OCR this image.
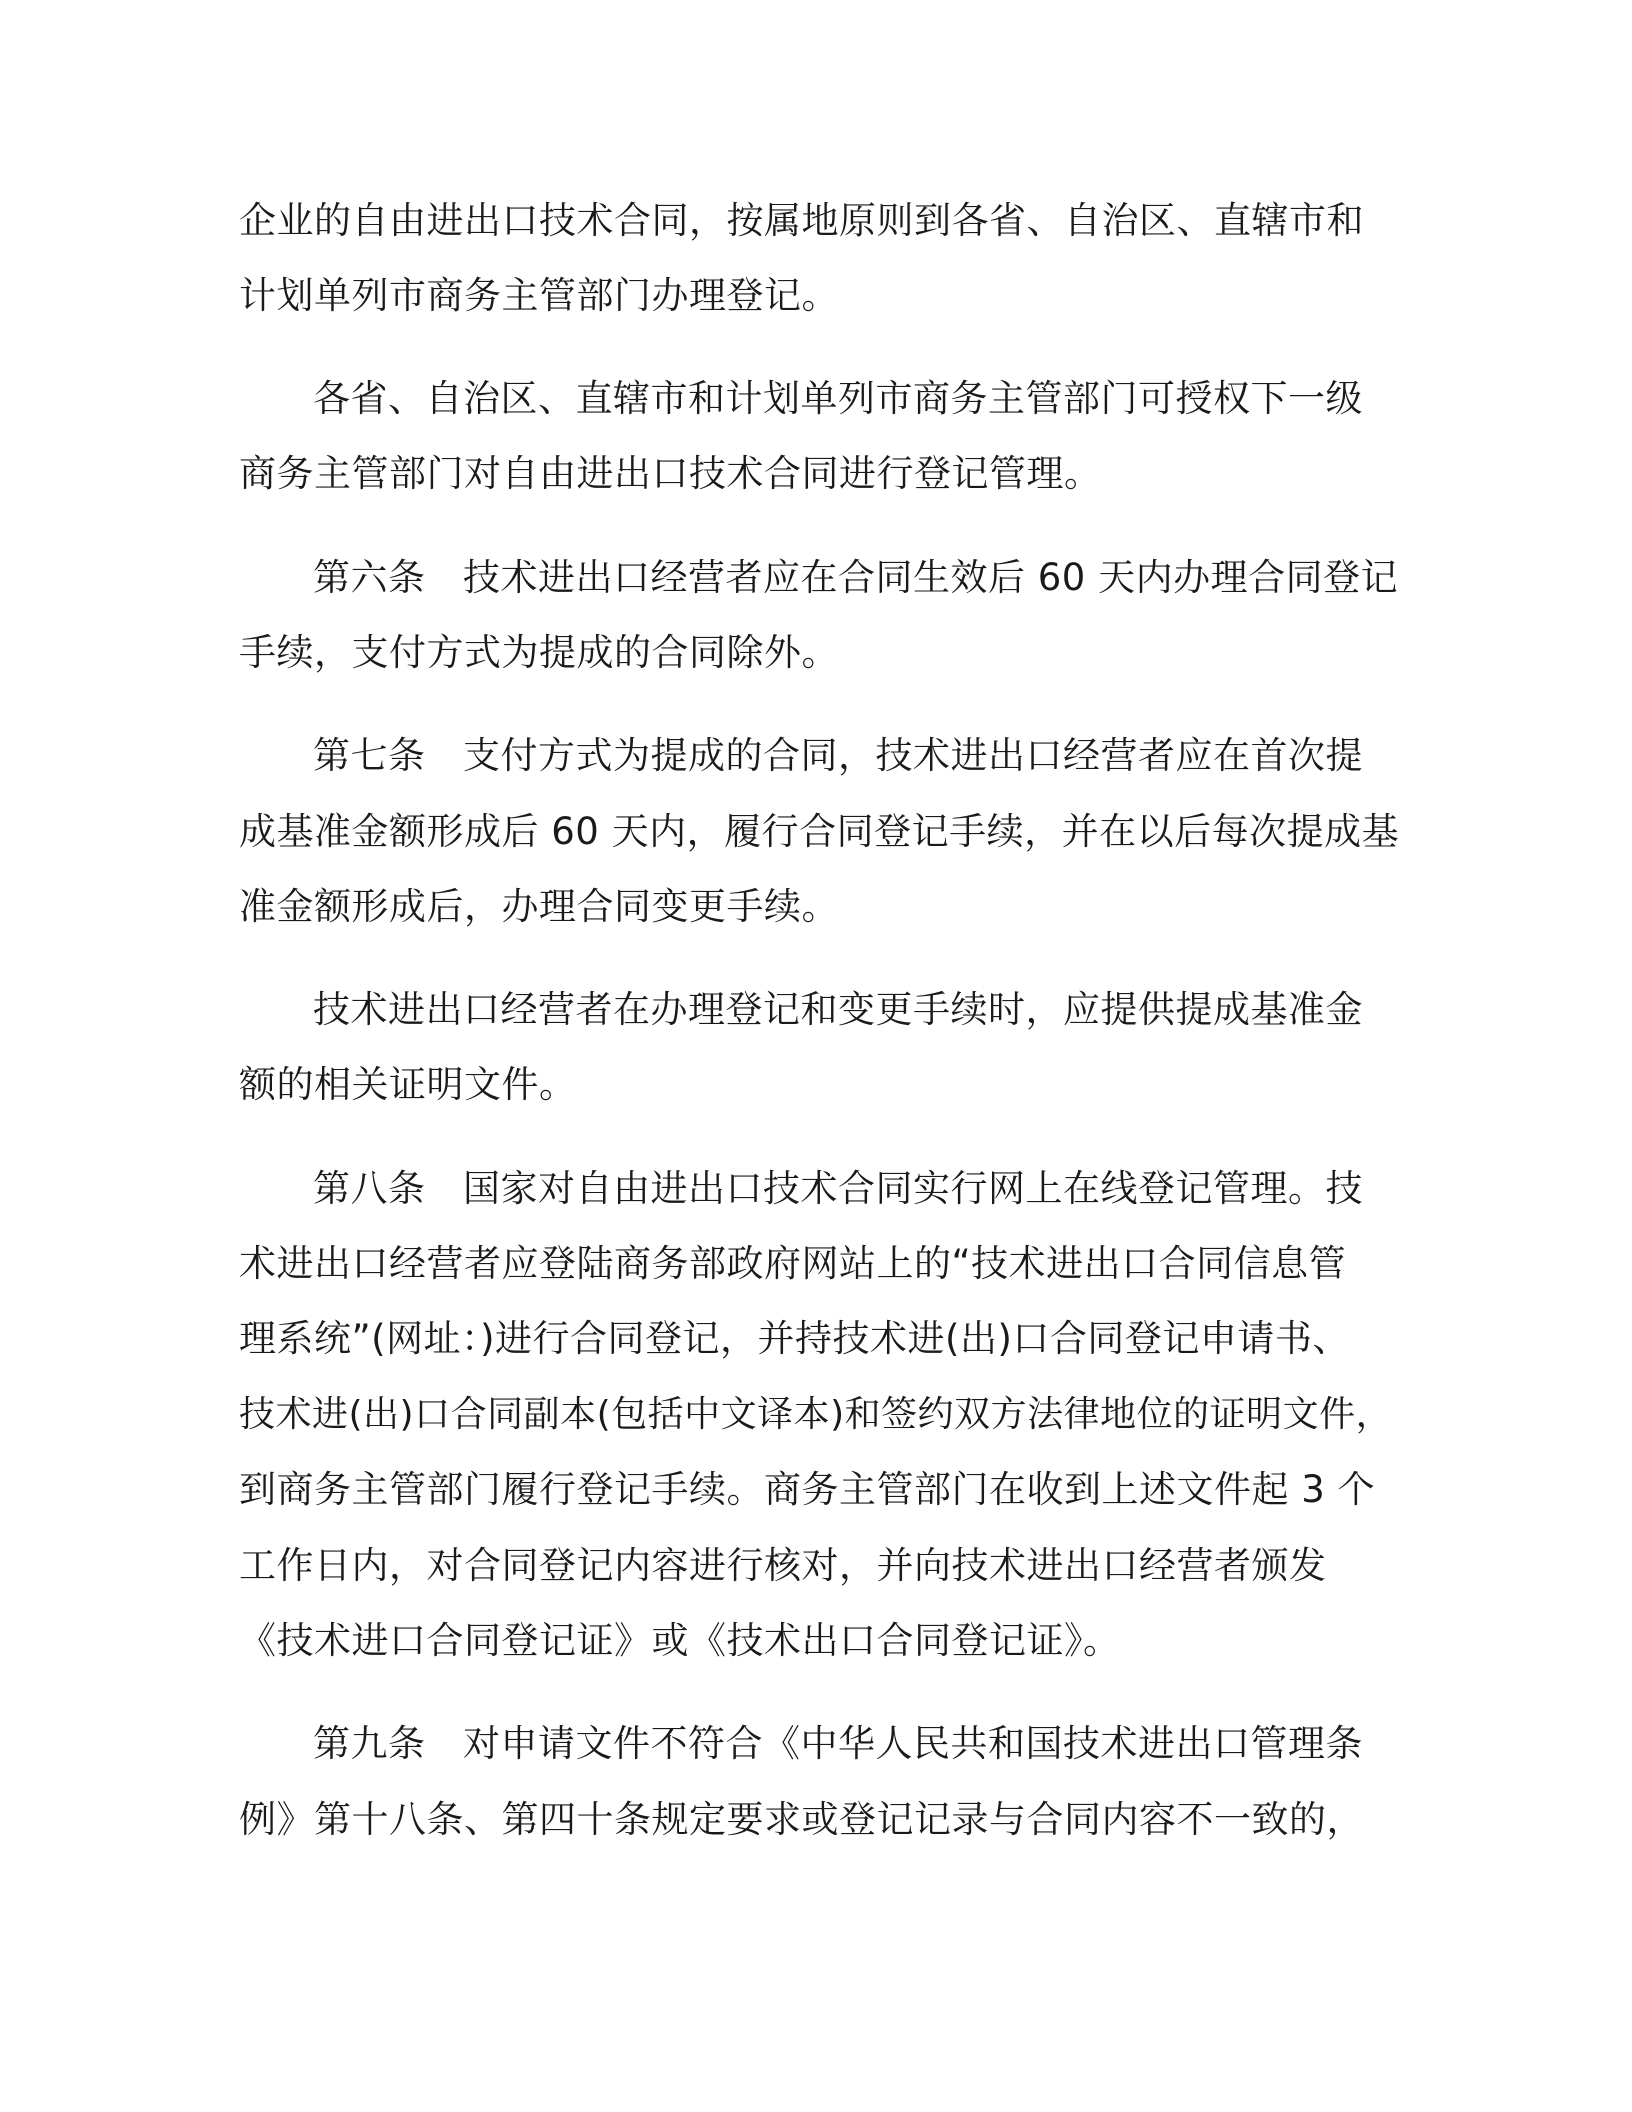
企业的自由进出口技术合同，按属地原则到各省、自治区、直辖市和

计划单列市商务主管部门办理登记。

各省、自治区、直辖市和计划单列市商务主管部门可授权下一级

商务主管部门对自由进出口技术合同进行登记管理。

第六条　技术进出口经营者应在合同生效后 60 天内办理合同登记

手续，支付方式为提成的合同除外。

第七条　支付方式为提成的合同，技术进出口经营者应在首次提

成基准金额形成后 60 天内，履行合同登记手续，并在以后每次提成基

准金额形成后，办理合同变更手续。

技术进出口经营者在办理登记和变更手续时，应提供提成基准金

额的相关证明文件。

第八条　国家对自由进出口技术合同实行网上在线登记管理。技

术进出口经营者应登陆商务部政府网站上的“技术进出口合同信息管

理系统”(网址：)进行合同登记，并持技术进(出)口合同登记申请书、

技术进(出)口合同副本(包括中文译本)和签约双方法律地位的证明文件，

到商务主管部门履行登记手续。商务主管部门在收到上述文件起 3 个

工作日内，对合同登记内容进行核对，并向技术进出口经营者颁发

《技术进口合同登记证》或《技术出口合同登记证》。

第九条　对申请文件不符合《中华人民共和国技术进出口管理条

例》第十八条、第四十条规定要求或登记记录与合同内容不一致的，
